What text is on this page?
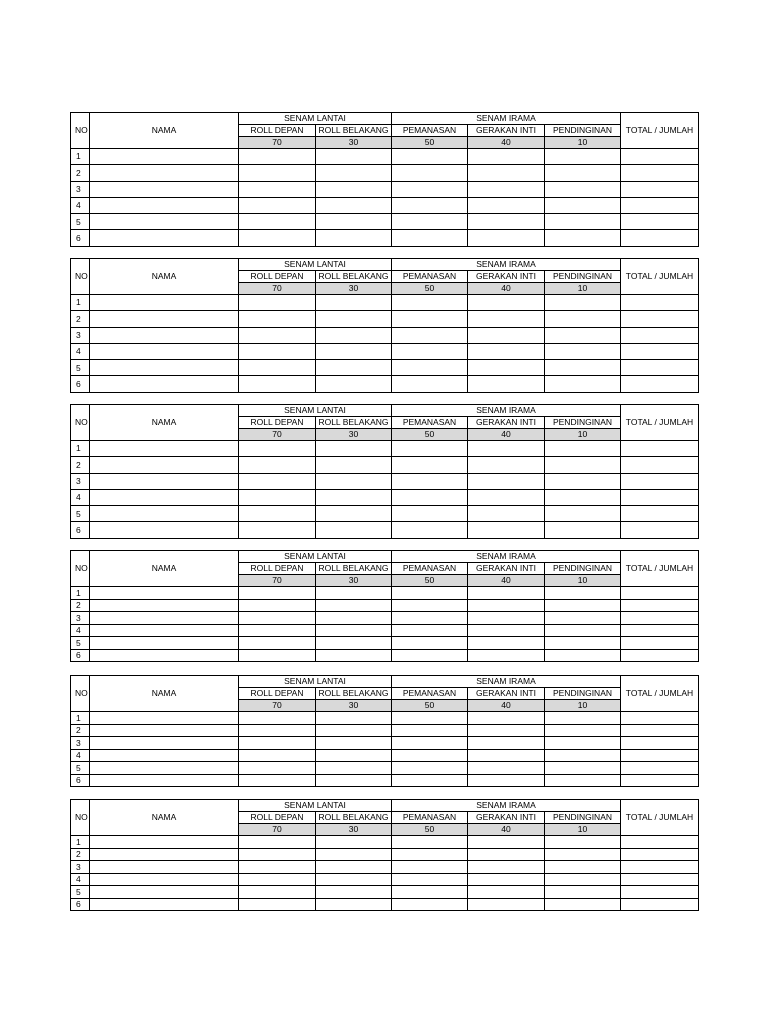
NO	NAMA	SENAM LANTAI		SENAM IRAMA			TOTAL / JUMLAH
		ROLL DEPAN	ROLL BELAKANG	PEMANASAN	GERAKAN INTI	PENDINGINAN	
		70	30	50	40	10	
1							
2							
3							
4							
5							
6							
NO	NAMA	SENAM LANTAI		SENAM IRAMA			TOTAL / JUMLAH
		ROLL DEPAN	ROLL BELAKANG	PEMANASAN	GERAKAN INTI	PENDINGINAN	
		70	30	50	40	10	
1							
2							
3							
4							
5							
6							
NO	NAMA	SENAM LANTAI		SENAM IRAMA			TOTAL / JUMLAH
		ROLL DEPAN	ROLL BELAKANG	PEMANASAN	GERAKAN INTI	PENDINGINAN	
		70	30	50	40	10	
1							
2							
3							
4							
5							
6							
NO	NAMA	SENAM LANTAI		SENAM IRAMA			TOTAL / JUMLAH
		ROLL DEPAN	ROLL BELAKANG	PEMANASAN	GERAKAN INTI	PENDINGINAN	
		70	30	50	40	10	
1							
2							
3							
4							
5							
6							
NO	NAMA	SENAM LANTAI		SENAM IRAMA			TOTAL / JUMLAH
		ROLL DEPAN	ROLL BELAKANG	PEMANASAN	GERAKAN INTI	PENDINGINAN	
		70	30	50	40	10	
1							
2							
3							
4							
5							
6							
NO	NAMA	SENAM LANTAI		SENAM IRAMA			TOTAL / JUMLAH
		ROLL DEPAN	ROLL BELAKANG	PEMANASAN	GERAKAN INTI	PENDINGINAN	
		70	30	50	40	10	
1							
2							
3							
4							
5							
6							
